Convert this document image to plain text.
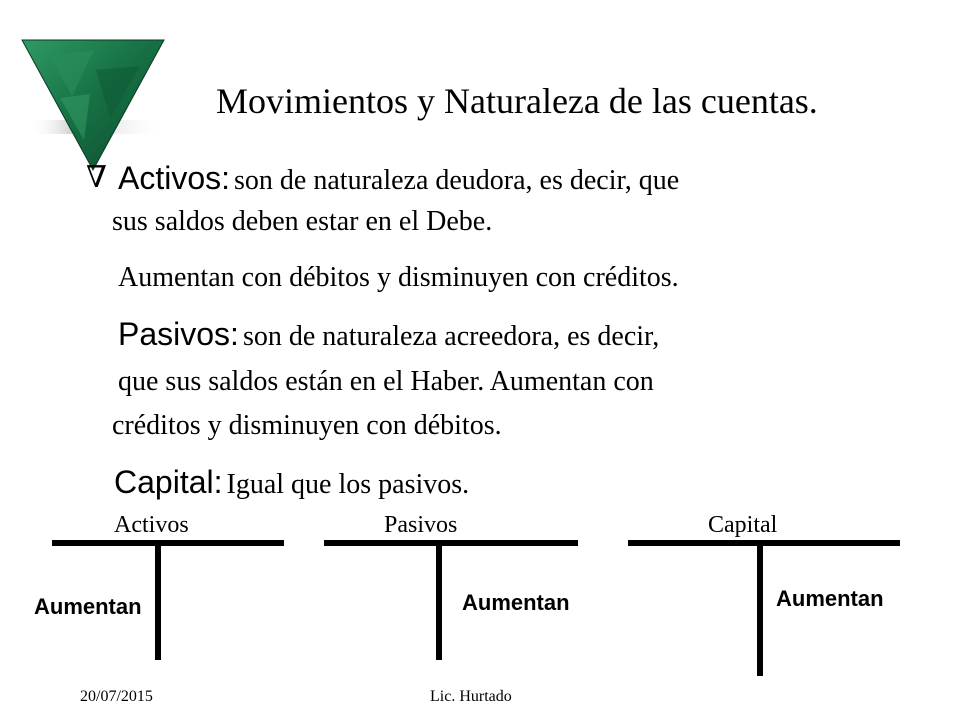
Movimientos y Naturaleza de las cuentas.
∇ Activos: son de naturaleza deudora, es decir, que
sus saldos deben estar en el Debe.
Aumentan con débitos y disminuyen con créditos.
Pasivos: son de naturaleza acreedora, es decir,
que sus saldos están en el Haber. Aumentan con
créditos y disminuyen con débitos.
Capital: Igual que los pasivos.
Activos
Aumentan
Pasivos
Aumentan
Capital
Aumentan
20/07/2015	Lic. Hurtado
